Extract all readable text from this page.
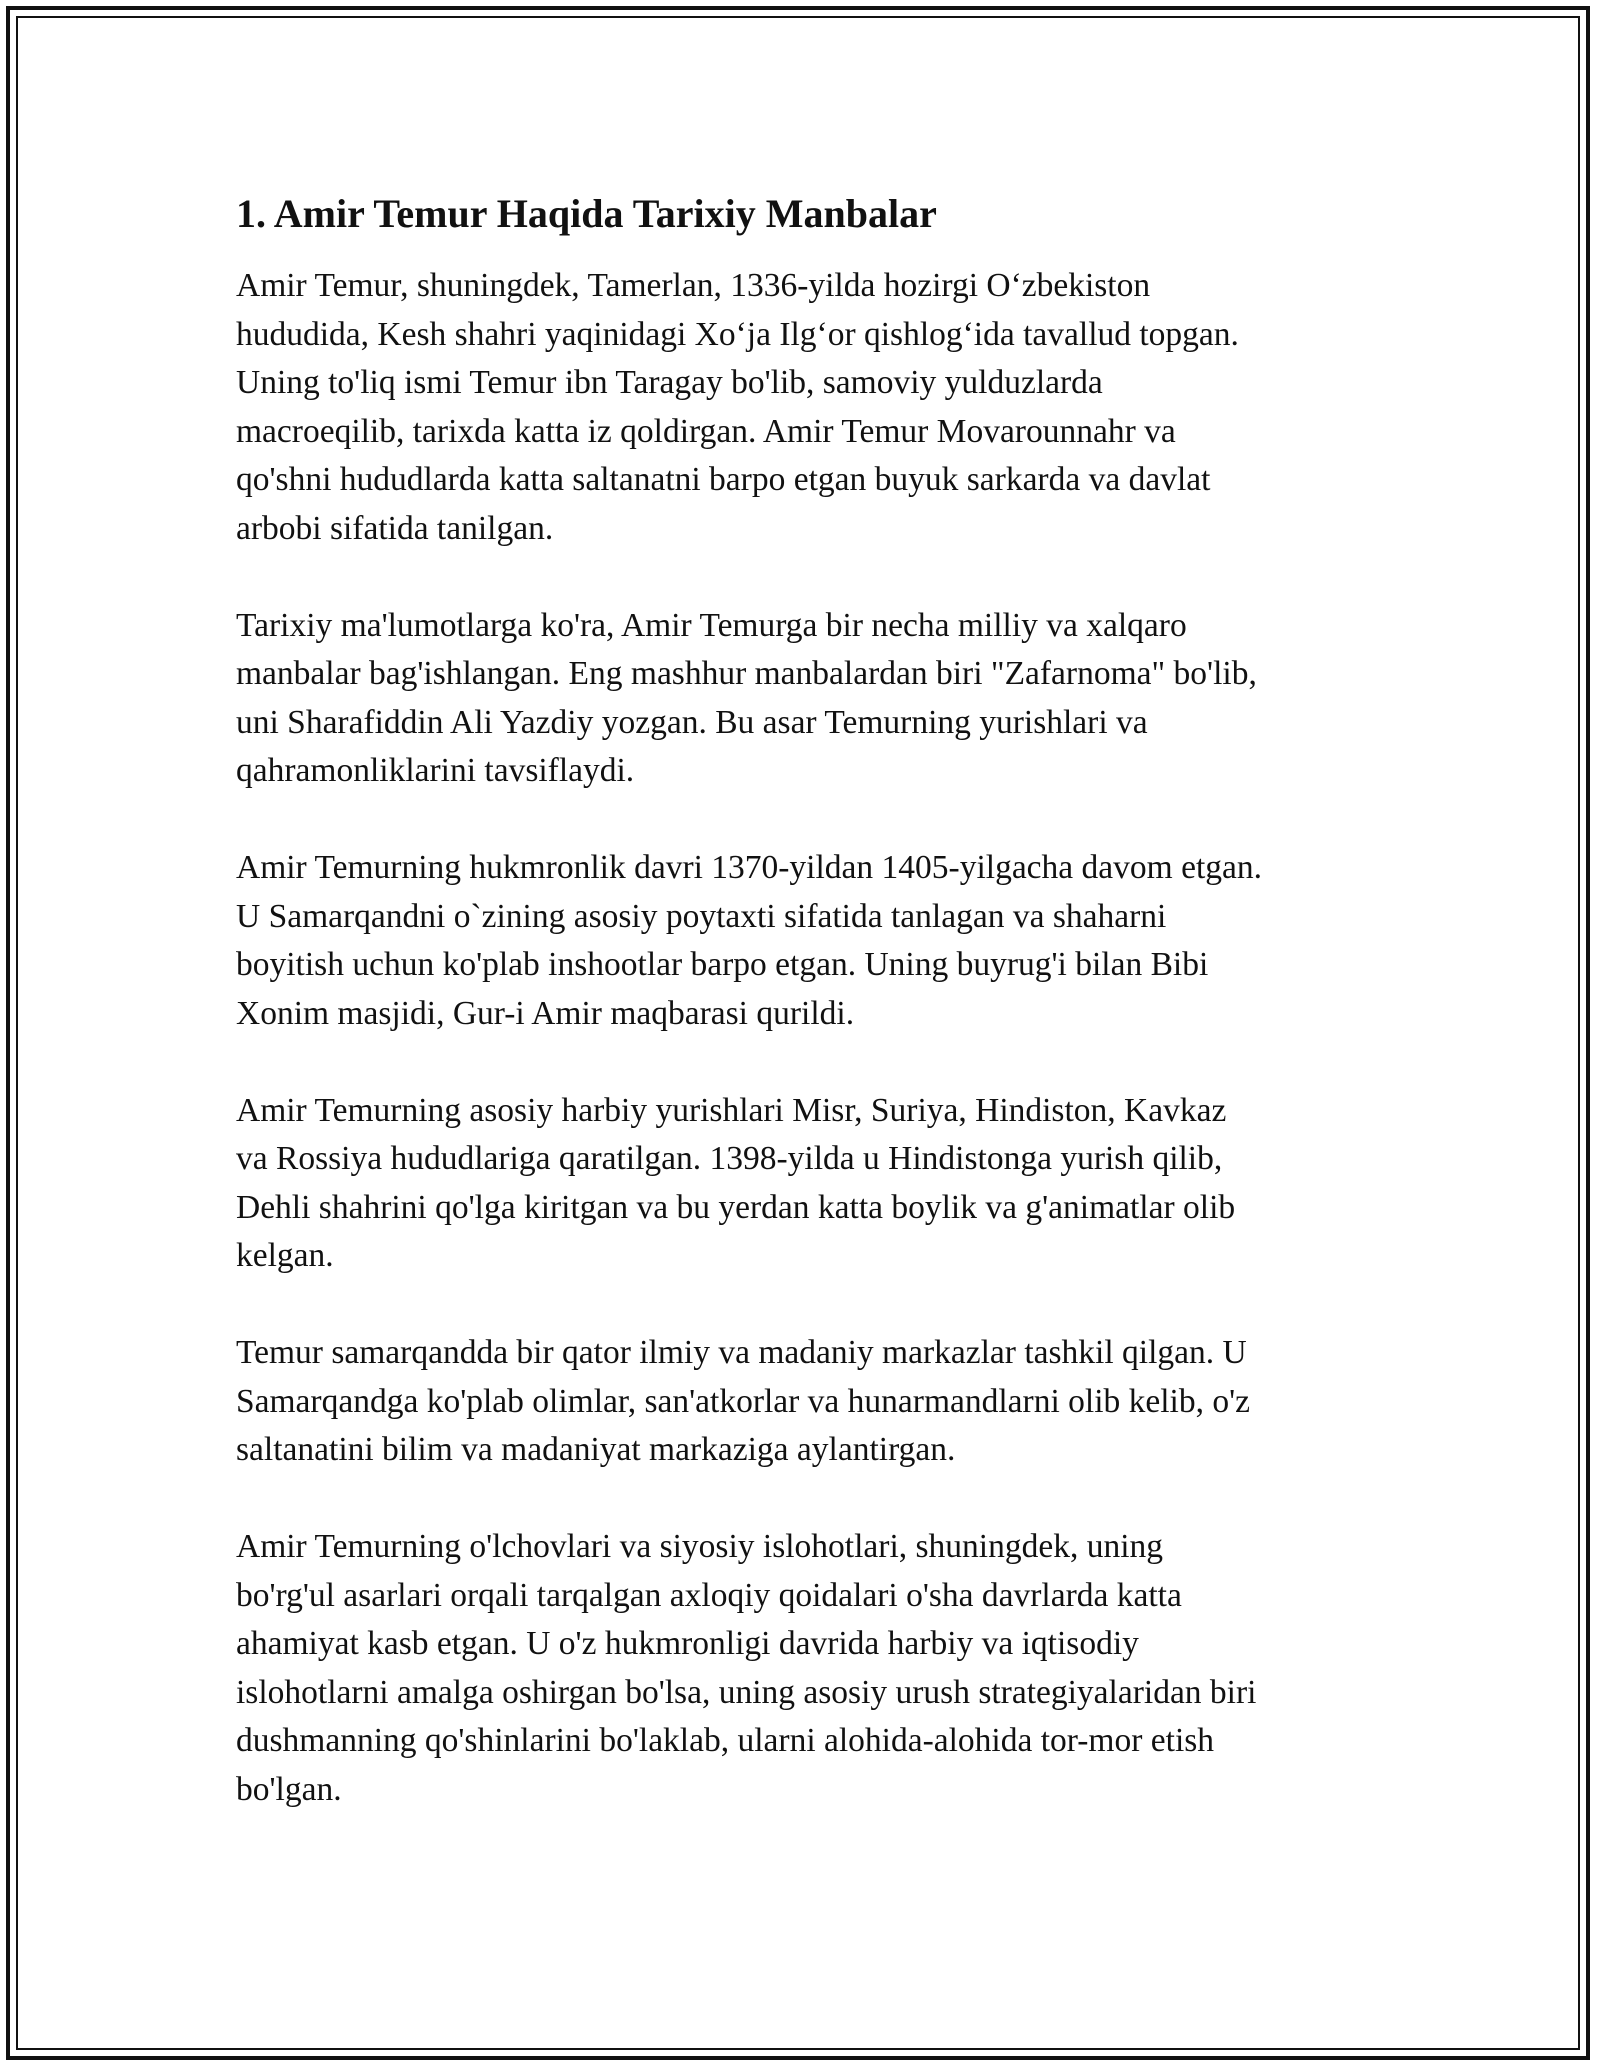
1. Amir Temur Haqida Tarixiy Manbalar

Amir Temur, shuningdek, Tamerlan, 1336-yilda hozirgi O‘zbekiston
hududida, Kesh shahri yaqinidagi Xo‘ja Ilg‘or qishlog‘ida tavallud topgan.
Uning to'liq ismi Temur ibn Taragay bo'lib, samoviy yulduzlarda
macroeqilib, tarixda katta iz qoldirgan. Amir Temur Movarounnahr va
qo'shni hududlarda katta saltanatni barpo etgan buyuk sarkarda va davlat
arbobi sifatida tanilgan.

Tarixiy ma'lumotlarga ko'ra, Amir Temurga bir necha milliy va xalqaro
manbalar bag'ishlangan. Eng mashhur manbalardan biri "Zafarnoma" bo'lib,
uni Sharafiddin Ali Yazdiy yozgan. Bu asar Temurning yurishlari va
qahramonliklarini tavsiflaydi.

Amir Temurning hukmronlik davri 1370-yildan 1405-yilgacha davom etgan.
U Samarqandni o`zining asosiy poytaxti sifatida tanlagan va shaharni
boyitish uchun ko'plab inshootlar barpo etgan. Uning buyrug'i bilan Bibi
Xonim masjidi, Gur-i Amir maqbarasi qurildi.

Amir Temurning asosiy harbiy yurishlari Misr, Suriya, Hindiston, Kavkaz
va Rossiya hududlariga qaratilgan. 1398-yilda u Hindistonga yurish qilib,
Dehli shahrini qo'lga kiritgan va bu yerdan katta boylik va g'animatlar olib
kelgan.

Temur samarqandda bir qator ilmiy va madaniy markazlar tashkil qilgan. U
Samarqandga ko'plab olimlar, san'atkorlar va hunarmandlarni olib kelib, o'z
saltanatini bilim va madaniyat markaziga aylantirgan.

Amir Temurning o'lchovlari va siyosiy islohotlari, shuningdek, uning
bo'rg'ul asarlari orqali tarqalgan axloqiy qoidalari o'sha davrlarda katta
ahamiyat kasb etgan. U o'z hukmronligi davrida harbiy va iqtisodiy
islohotlarni amalga oshirgan bo'lsa, uning asosiy urush strategiyalaridan biri
dushmanning qo'shinlarini bo'laklab, ularni alohida-alohida tor-mor etish
bo'lgan.
